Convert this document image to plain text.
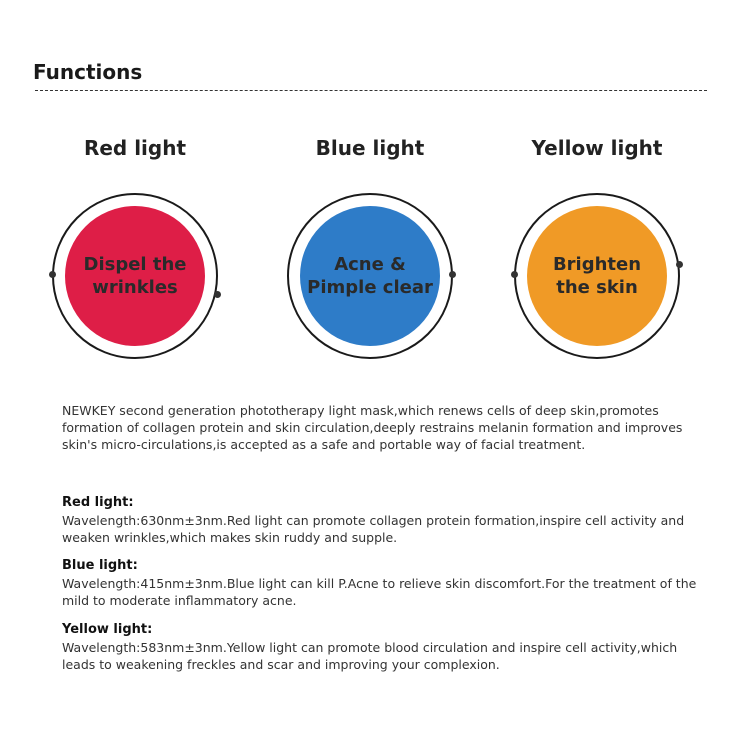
Functions
Red light
Dispel the
wrinkles
Blue light
Acne &
Pimple clear
Yellow light
Brighten
the skin

NEWKEY second generation phototherapy light mask,which renews cells of deep skin,promotes formation of collagen protein and skin circulation,deeply restrains melanin formation and improves skin's micro-circulations,is accepted as a safe and portable way of facial treatment.

Red light:

Wavelength:630nm±3nm.Red light can promote collagen protein formation,inspire cell activity and weaken wrinkles,which makes skin ruddy and supple.

Blue light:

Wavelength:415nm±3nm.Blue light can kill P.Acne to relieve skin discomfort.For the treatment of the mild to moderate inflammatory acne.

Yellow light:

Wavelength:583nm±3nm.Yellow light can promote blood circulation and inspire cell activity,which leads to weakening freckles and scar and improving your complexion.
